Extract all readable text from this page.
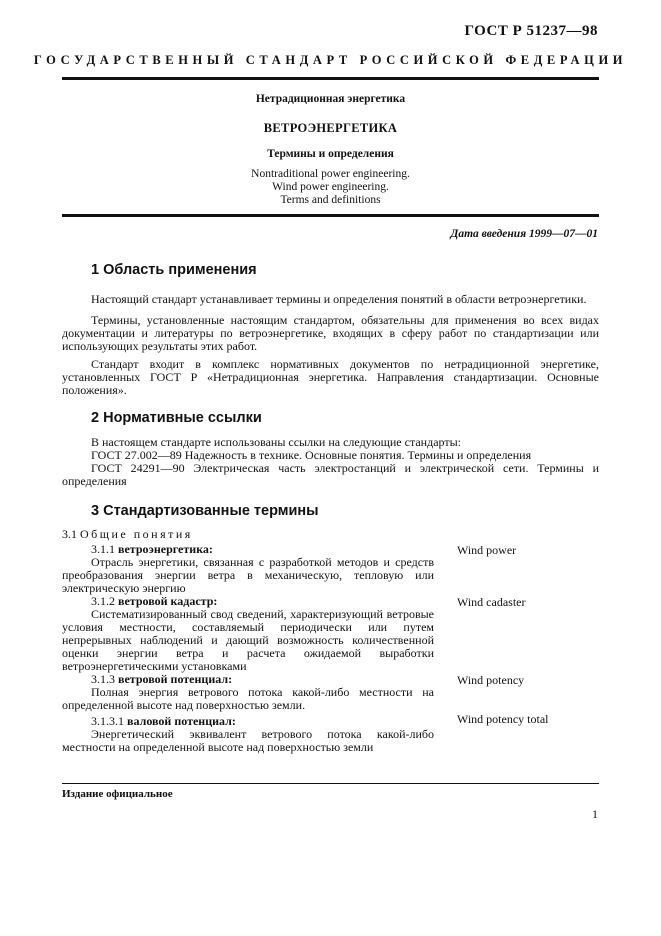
ГОСТ Р 51237—98
ГОСУДАРСТВЕННЫЙ СТАНДАРТ РОССИЙСКОЙ ФЕДЕРАЦИИ
Нетрадиционная энергетика
ВЕТРОЭНЕРГЕТИКА
Термины и определения
Nontraditional power engineering.
Wind power engineering.
Terms and definitions
Дата введения 1999—07—01
1 Область применения

Настоящий стандарт устанавливает термины и определения понятий в области ветроэнергетики.

Термины, установленные настоящим стандартом, обязательны для применения во всех видах документации и литературы по ветроэнергетике, входящих в сферу работ по стандартизации или использующих результаты этих работ.

Стандарт входит в комплекс нормативных документов по нетрадиционной энергетике, установленных ГОСТ Р «Нетрадиционная энергетика. Направления стандартизации. Основные положения».

2 Нормативные ссылки

В настоящем стандарте использованы ссылки на следующие стандарты:

ГОСТ 27.002—89 Надежность в технике. Основные понятия. Термины и определения

ГОСТ 24291—90 Электрическая часть электростанций и электрической сети. Термины и определения

3 Стандартизованные термины

3.1 Общие понятия

3.1.1 ветроэнергетика:

Отрасль энергетики, связанная с разработкой методов и средств преобразования энергии ветра в механическую, тепловую или электрическую энергию

3.1.2 ветровой кадастр:

Систематизированный свод сведений, характеризующий ветровые условия местности, составляемый периодически или путем непрерывных наблюдений и дающий возможность количественной оценки энергии ветра и расчета ожидаемой выработки ветроэнергетическими установками

3.1.3 ветровой потенциал:

Полная энергия ветрового потока какой-либо местности на определенной высоте над поверхностью земли.

3.1.3.1 валовой потенциал:

Энергетический эквивалент ветрового потока какой-либо местности на определенной высоте над поверхностью земли

Wind power
Wind cadaster
Wind potency
Wind potency total
Издание официальное
1
